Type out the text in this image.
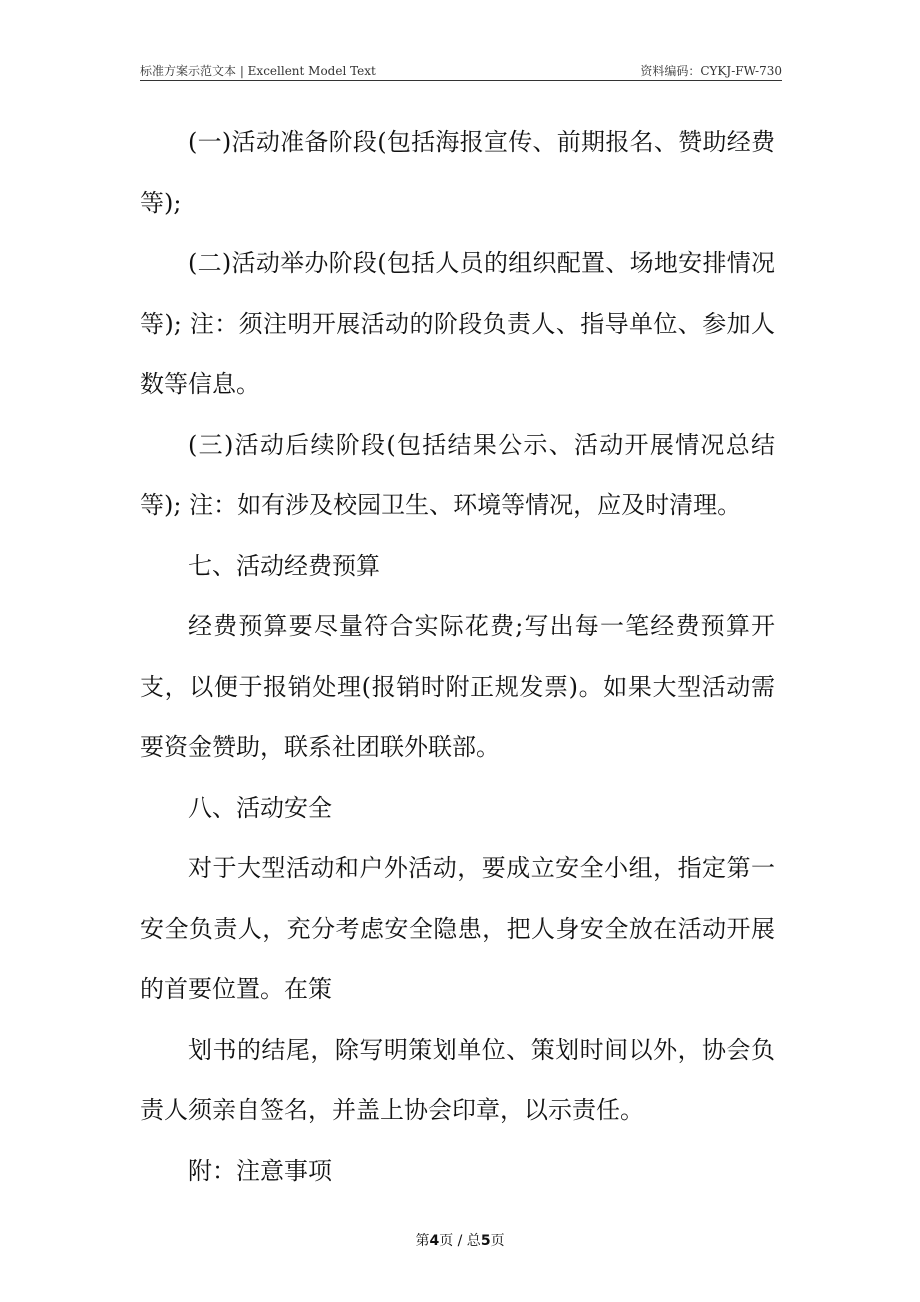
标准方案示范文本 | Excellent Model Text	资料编码：CYKJ-FW-730

(一)活动准备阶段(包括海报宣传、前期报名、赞助经费等);

(二)活动举办阶段(包括人员的组织配置、场地安排情况等); 注：须注明开展活动的阶段负责人、指导单位、参加人数等信息。

(三)活动后续阶段(包括结果公示、活动开展情况总结等); 注：如有涉及校园卫生、环境等情况，应及时清理。

七、活动经费预算

经费预算要尽量符合实际花费;写出每一笔经费预算开支，以便于报销处理(报销时附正规发票)。如果大型活动需要资金赞助，联系社团联外联部。

八、活动安全

对于大型活动和户外活动，要成立安全小组，指定第一安全负责人，充分考虑安全隐患，把人身安全放在活动开展的首要位置。在策

划书的结尾，除写明策划单位、策划时间以外，协会负责人须亲自签名，并盖上协会印章，以示责任。

附：注意事项

第4页 / 总5页
